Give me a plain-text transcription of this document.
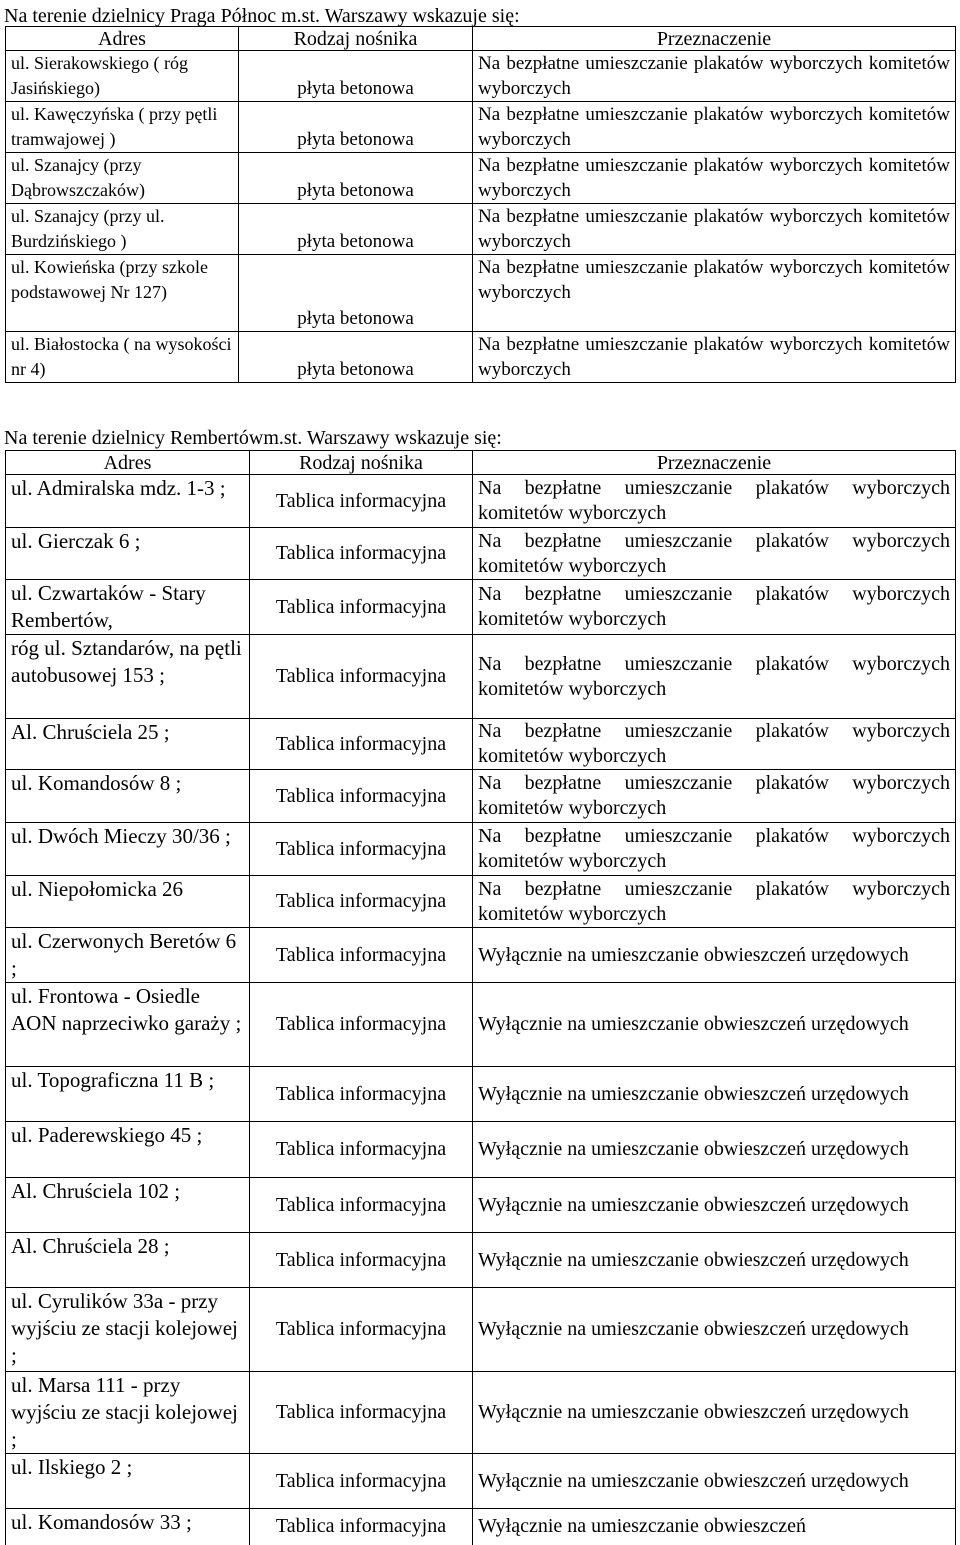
Na terenie dzielnicy Praga Północ m.st. Warszawy wskazuje się:
Adres	Rodzaj nośnika	Przeznaczenie
ul. Sierakowskiego ( róg Jasińskiego)	płyta betonowa	Na bezpłatne umieszczanie plakatów wyborczych komitetów wyborczych
ul. Kawęczyńska ( przy pętli tramwajowej )	płyta betonowa	Na bezpłatne umieszczanie plakatów wyborczych komitetów wyborczych
ul. Szanajcy (przy Dąbrowszczaków)	płyta betonowa	Na bezpłatne umieszczanie plakatów wyborczych komitetów wyborczych
ul. Szanajcy (przy ul. Burdzińskiego )	płyta betonowa	Na bezpłatne umieszczanie plakatów wyborczych komitetów wyborczych
ul. Kowieńska (przy szkole podstawowej Nr 127)	płyta betonowa	Na bezpłatne umieszczanie plakatów wyborczych komitetów wyborczych
ul. Białostocka ( na wysokości nr 4)	płyta betonowa	Na bezpłatne umieszczanie plakatów wyborczych komitetów wyborczych
Na terenie dzielnicy Rembertówm.st. Warszawy wskazuje się:
Adres	Rodzaj nośnika	Przeznaczenie
ul. Admiralska mdz. 1-3 ;	Tablica informacyjna	Na bezpłatne umieszczanie plakatów wyborczych komitetów wyborczych
ul. Gierczak 6 ;	Tablica informacyjna	Na bezpłatne umieszczanie plakatów wyborczych komitetów wyborczych
ul. Czwartaków - Stary Rembertów,	Tablica informacyjna	Na bezpłatne umieszczanie plakatów wyborczych komitetów wyborczych
róg ul. Sztandarów, na pętli autobusowej 153 ;	Tablica informacyjna	Na bezpłatne umieszczanie plakatów wyborczych komitetów wyborczych
Al. Chruściela 25 ;	Tablica informacyjna	Na bezpłatne umieszczanie plakatów wyborczych komitetów wyborczych
ul. Komandosów 8 ;	Tablica informacyjna	Na bezpłatne umieszczanie plakatów wyborczych komitetów wyborczych
ul. Dwóch Mieczy 30/36 ;	Tablica informacyjna	Na bezpłatne umieszczanie plakatów wyborczych komitetów wyborczych
ul. Niepołomicka 26	Tablica informacyjna	Na bezpłatne umieszczanie plakatów wyborczych komitetów wyborczych
ul. Czerwonych Beretów 6 ;	Tablica informacyjna	Wyłącznie na umieszczanie obwieszczeń urzędowych
ul. Frontowa - Osiedle AON naprzeciwko garaży ;	Tablica informacyjna	Wyłącznie na umieszczanie obwieszczeń urzędowych
ul. Topograficzna 11 B ;	Tablica informacyjna	Wyłącznie na umieszczanie obwieszczeń urzędowych
ul. Paderewskiego 45 ;	Tablica informacyjna	Wyłącznie na umieszczanie obwieszczeń urzędowych
Al. Chruściela 102 ;	Tablica informacyjna	Wyłącznie na umieszczanie obwieszczeń urzędowych
Al. Chruściela 28 ;	Tablica informacyjna	Wyłącznie na umieszczanie obwieszczeń urzędowych
ul. Cyrulików 33a - przy wyjściu ze stacji kolejowej ;	Tablica informacyjna	Wyłącznie na umieszczanie obwieszczeń urzędowych
ul. Marsa 111 - przy wyjściu ze stacji kolejowej ;	Tablica informacyjna	Wyłącznie na umieszczanie obwieszczeń urzędowych
ul. Ilskiego 2 ;	Tablica informacyjna	Wyłącznie na umieszczanie obwieszczeń urzędowych
ul. Komandosów 33 ;	Tablica informacyjna	Wyłącznie na umieszczanie obwieszczeń
